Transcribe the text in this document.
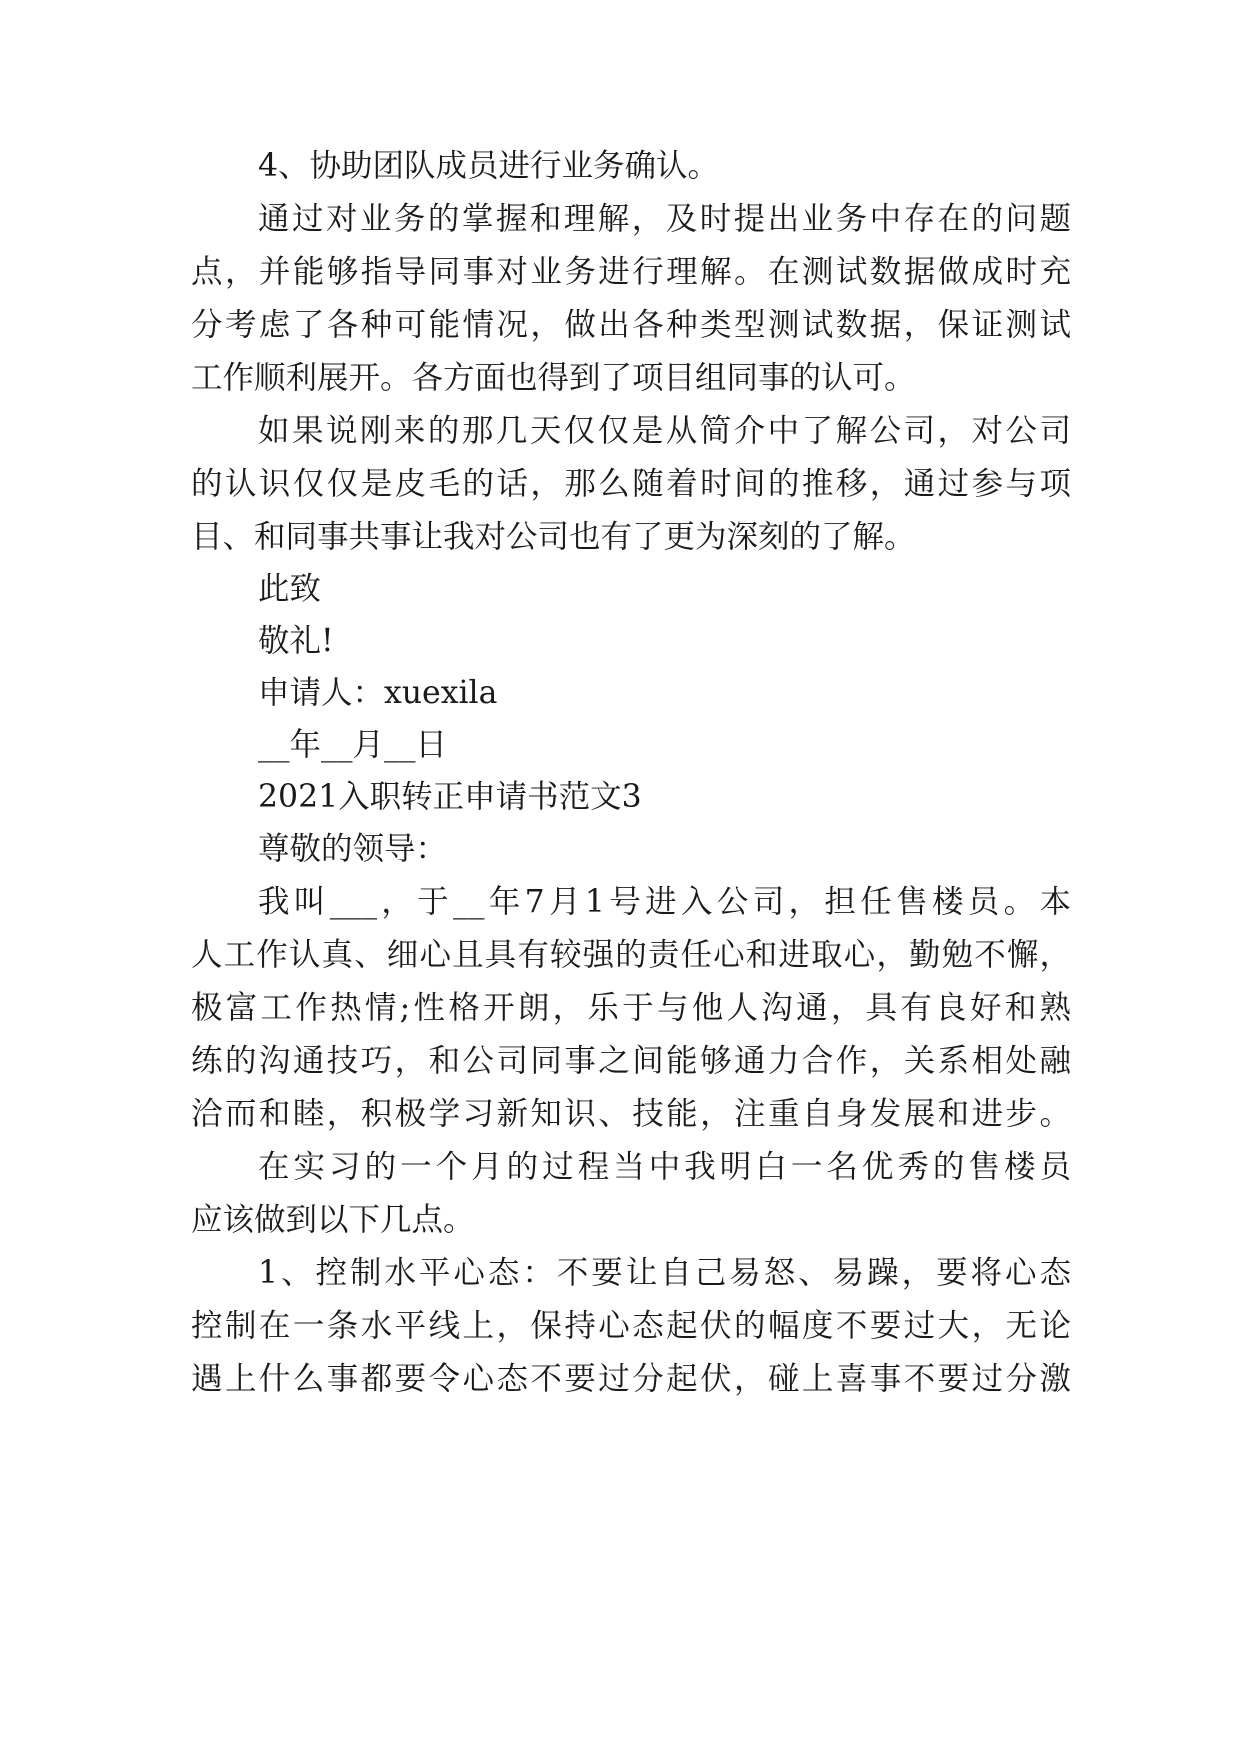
4、协助团队成员进行业务确认。
通过对业务的掌握和理解，及时提出业务中存在的问题
点，并能够指导同事对业务进行理解。在测试数据做成时充
分考虑了各种可能情况，做出各种类型测试数据，保证测试
工作顺利展开。各方面也得到了项目组同事的认可。
如果说刚来的那几天仅仅是从简介中了解公司，对公司
的认识仅仅是皮毛的话，那么随着时间的推移，通过参与项
目、和同事共事让我对公司也有了更为深刻的了解。
此致
敬礼!
申请人：xuexila
__年__月__日
2021入职转正申请书范文3
尊敬的领导：
我叫___，于__年7月1号进入公司，担任售楼员。本
人工作认真、细心且具有较强的责任心和进取心，勤勉不懈，
极富工作热情;性格开朗，乐于与他人沟通，具有良好和熟
练的沟通技巧，和公司同事之间能够通力合作，关系相处融
洽而和睦，积极学习新知识、技能，注重自身发展和进步。
在实习的一个月的过程当中我明白一名优秀的售楼员
应该做到以下几点。
1、控制水平心态：不要让自己易怒、易躁，要将心态
控制在一条水平线上，保持心态起伏的幅度不要过大，无论
遇上什么事都要令心态不要过分起伏，碰上喜事不要过分激
